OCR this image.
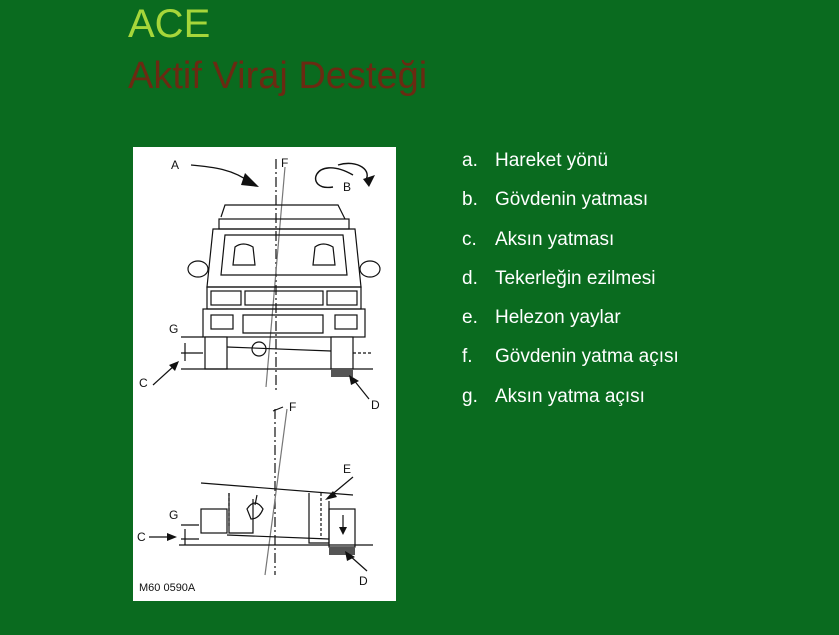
ACE
Aktif Viraj Desteği
A	F
B
G
C
D
F
E
G
C
D
M60 0590A
a. Hareket yönü
b. Gövdenin yatması
c. Aksın yatması
d. Tekerleğin ezilmesi
e. Helezon yaylar
f. Gövdenin yatma açısı
g. Aksın yatma açısı
